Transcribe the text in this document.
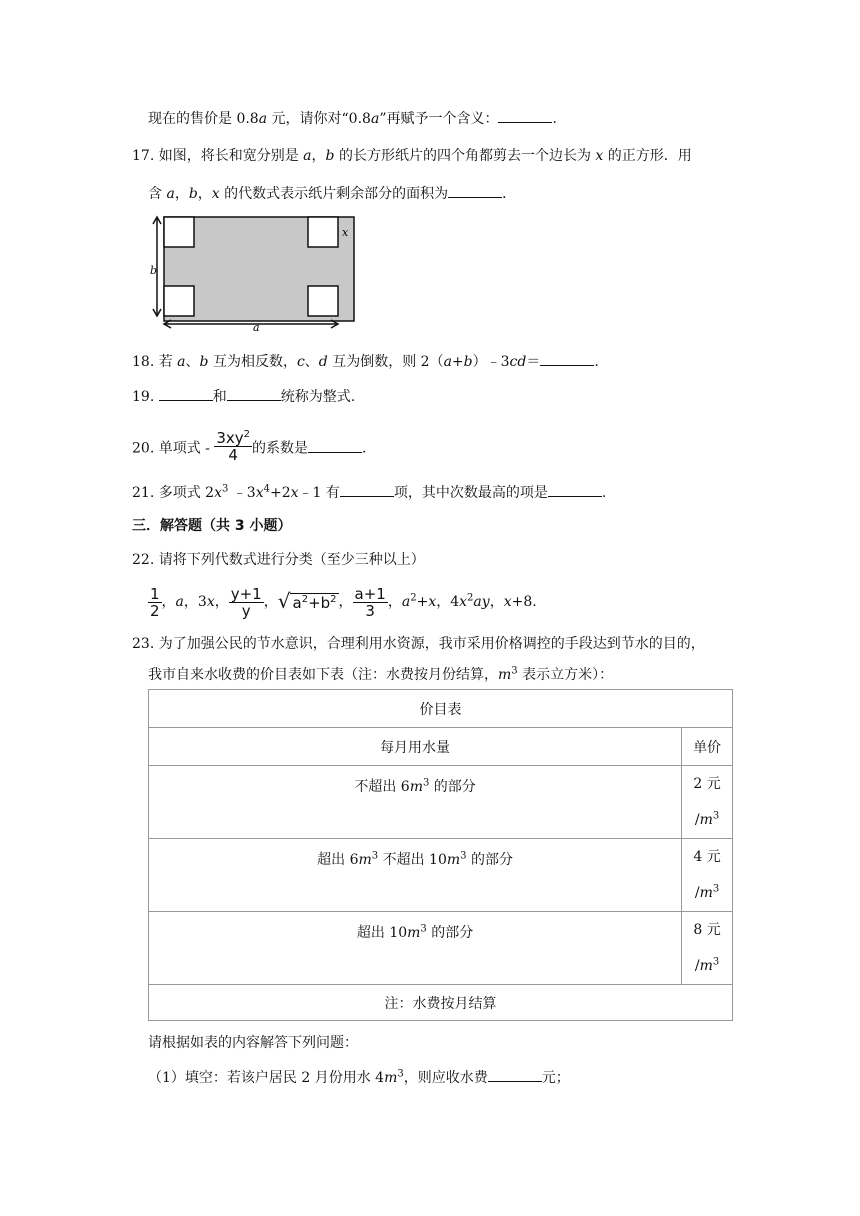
现在的售价是 0.8a 元，请你对“0.8a”再赋予一个含义：	.
17. 如图，将长和宽分别是 a，b 的长方形纸片的四个角都剪去一个边长为 x 的正方形．用
含 a，b，x 的代数式表示纸片剩余部分的面积为	．
x
b
a
18. 若 a、b 互为相反数，c、d 互为倒数，则 2（a+b）﹣3cd＝	.
19.	和	统称为整式.
20. 单项式 - $\frac{3xy^2}{4}$ 的系数是	.
21. 多项式 $2x^3$ $﹣3x^4+2x﹣1$ 有	项，其中次数最高的项是	.
三．解答题（共 3 小题）
22. 请将下列代数式进行分类（至少三种以上）
$\frac{1}{2}$ ，a，3x， $\frac{y+1}{y}$ ，√ $a^2+b^2$ ， $\frac{a+1}{3}$ ，$a^2+x$，$4x^2ay$，x+8.
23. 为了加强公民的节水意识，合理利用水资源，我市采用价格调控的手段达到节水的目的，
我市自来水收费的价目表如下表（注：水费按月份结算，$m^3$ 表示立方米）：
价目表	
每月用水量	单价
不超出 $6m^3$ 的部分	2 元
$/m^3$
超出 $6m^3$ 不超出 $10m^3$ 的部分	4 元
$/m^3$
超出 $10m^3$ 的部分	8 元
$/m^3$
注：水费按月结算	
请根据如表的内容解答下列问题：
（1）填空：若该户居民 2 月份用水 $4m^3$，则应收水费	元；
